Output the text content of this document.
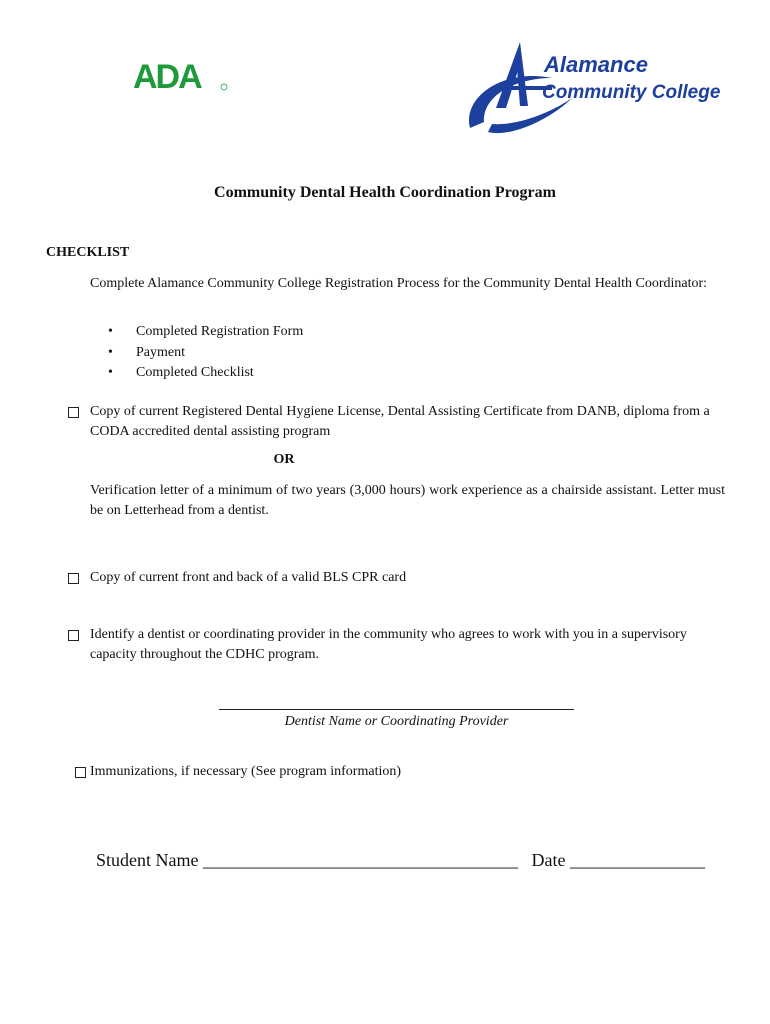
ADA	Alamance
Community College
Community Dental Health Coordination Program
CHECKLIST
Complete Alamance Community College Registration Process for the Community Dental Health Coordinator:
•	Completed Registration Form
•	Payment
•	Completed Checklist
Copy of current Registered Dental Hygiene License, Dental Assisting Certificate from DANB, diploma from a CODA accredited dental assisting program
OR
Verification letter of a minimum of two years (3,000 hours) work experience as a chairside assistant. Letter must be on Letterhead from a dentist.
Copy of current front and back of a valid BLS CPR card
Identify a dentist or coordinating provider in the community who agrees to work with you in a supervisory capacity throughout the CDHC program.
Dentist Name or Coordinating Provider
Immunizations, if necessary (See program information)
Student Name ___________________________________ Date _______________
